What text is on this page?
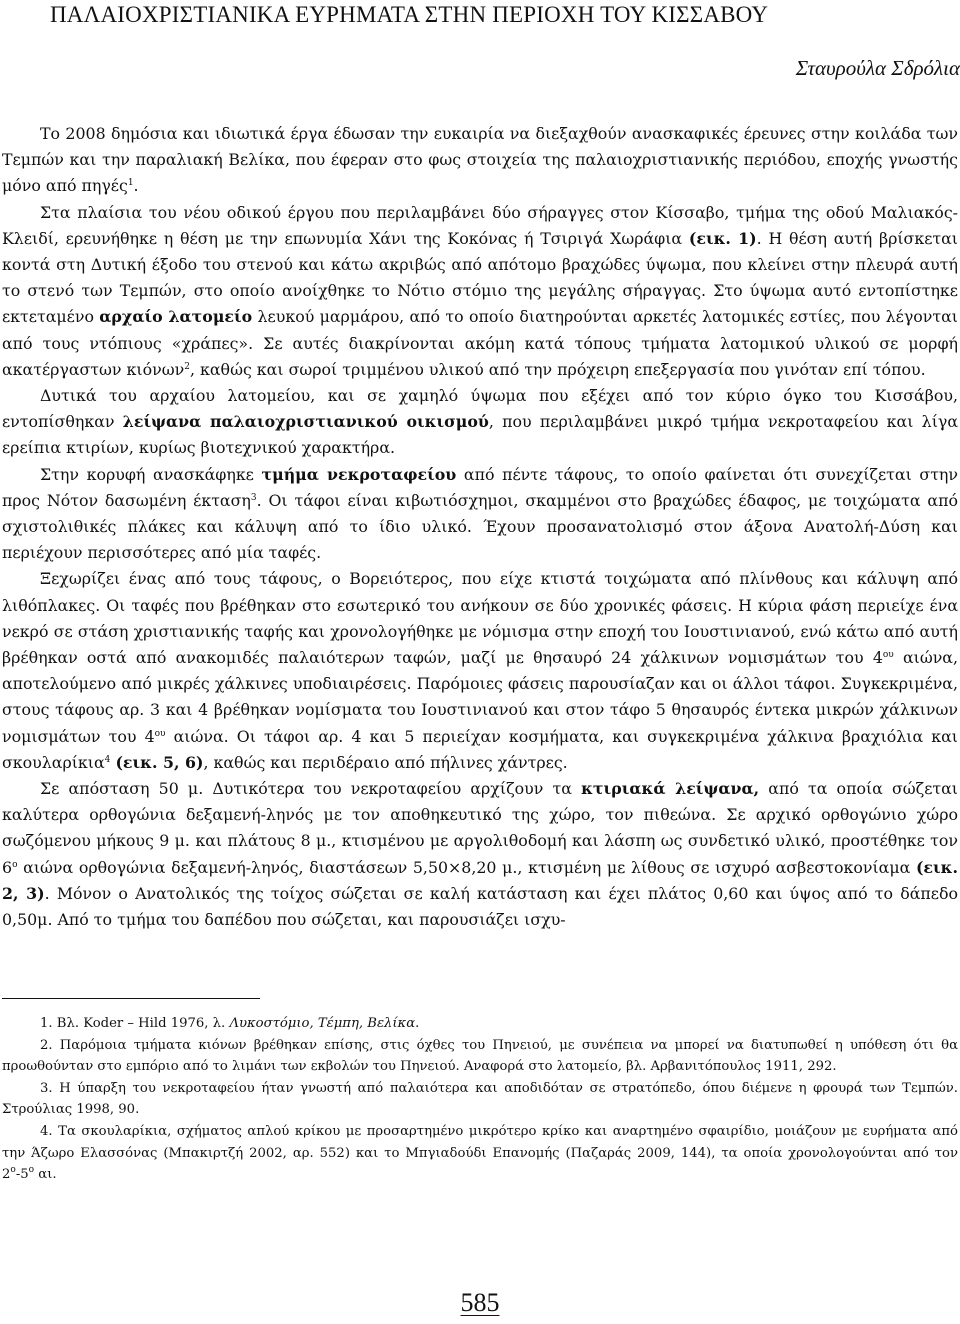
ΠΑΛΑΙΟΧΡΙΣΤΙΑΝΙΚΑ ΕΥΡΗΜΑΤΑ ΣΤΗΝ ΠΕΡΙΟΧΗ ΤΟΥ ΚΙΣΣΑΒΟΥ
Σταυρούλα Σδρόλια

Το 2008 δημόσια και ιδιωτικά έργα έδωσαν την ευκαιρία να διεξαχθούν ανασκαφικές έρευνες στην κοιλάδα των Τεμπών και την παραλιακή Βελίκα, που έφεραν στο φως στοιχεία της παλαιοχριστιανικής περιόδου, εποχής γνωστής μόνο από πηγές$^1$.

Στα πλαίσια του νέου οδικού έργου που περιλαμβάνει δύο σήραγγες στον Κίσσαβο, τμήμα της οδού Μαλιακός-Κλειδί, ερευνήθηκε η θέση με την επωνυμία Χάνι της Κοκόνας ή Τσιριγά Χωράφια (εικ. 1). Η θέση αυτή βρίσκεται κοντά στη Δυτική έξοδο του στενού και κάτω ακριβώς από απότομο βραχώδες ύψωμα, που κλείνει στην πλευρά αυτή το στενό των Τεμπών, στο οποίο ανοίχθηκε το Νότιο στόμιο της μεγάλης σήραγγας. Στο ύψωμα αυτό εντοπίστηκε εκτεταμένο αρχαίο λατομείο λευκού μαρμάρου, από το οποίο διατηρούνται αρκετές λατομικές εστίες, που λέγονται από τους ντόπιους «χράπες». Σε αυτές διακρίνονται ακόμη κατά τόπους τμήματα λατομικού υλικού σε μορφή ακατέργαστων κιόνων$^2$, καθώς και σωροί τριμμένου υλικού από την πρόχειρη επεξεργασία που γινόταν επί τόπου.

Δυτικά του αρχαίου λατομείου, και σε χαμηλό ύψωμα που εξέχει από τον κύριο όγκο του Κισσάβου, εντοπίσθηκαν λείψανα παλαιοχριστιανικού οικισμού, που περιλαμβάνει μικρό τμήμα νεκροταφείου και λίγα ερείπια κτιρίων, κυρίως βιοτεχνικού χαρακτήρα.

Στην κορυφή ανασκάφηκε τμήμα νεκροταφείου από πέντε τάφους, το οποίο φαίνεται ότι συνεχίζεται στην προς Νότον δασωμένη έκταση$^3$. Οι τάφοι είναι κιβωτιόσχημοι, σκαμμένοι στο βραχώδες έδαφος, με τοιχώματα από σχιστολιθικές πλάκες και κάλυψη από το ίδιο υλικό. Έχουν προσανατολισμό στον άξονα Ανατολή-Δύση και περιέχουν περισσότερες από μία ταφές.

Ξεχωρίζει ένας από τους τάφους, ο Βορειότερος, που είχε κτιστά τοιχώματα από πλίνθους και κάλυψη από λιθόπλακες. Οι ταφές που βρέθηκαν στο εσωτερικό του ανήκουν σε δύο χρονικές φάσεις. Η κύρια φάση περιείχε ένα νεκρό σε στάση χριστιανικής ταφής και χρονολογήθηκε με νόμισμα στην εποχή του Ιουστινιανού, ενώ κάτω από αυτή βρέθηκαν οστά από ανακομιδές παλαιότερων ταφών, μαζί με θησαυρό 24 χάλκινων νομισμάτων του $4^{o\upsilon}$ αιώνα, αποτελούμενο από μικρές χάλκινες υποδιαιρέσεις. Παρόμοιες φάσεις παρουσίαζαν και οι άλλοι τάφοι. Συγκεκριμένα, στους τάφους αρ. 3 και 4 βρέθηκαν νομίσματα του Ιουστινιανού και στον τάφο 5 θησαυρός έντεκα μικρών χάλκινων νομισμάτων του $4^{o\upsilon}$ αιώνα. Οι τάφοι αρ. 4 και 5 περιείχαν κοσμήματα, και συγκεκριμένα χάλκινα βραχιόλια και σκουλαρίκια$^4$ (εικ. 5, 6), καθώς και περιδέραιο από πήλινες χάντρες.

Σε απόσταση 50 μ. Δυτικότερα του νεκροταφείου αρχίζουν τα κτιριακά λείψανα, από τα οποία σώζεται καλύτερα ορθογώνια δεξαμενή-ληνός με τον αποθηκευτικό της χώρο, τον πιθεώνα. Σε αρχικό ορθογώνιο χώρο σωζόμενου μήκους 9 μ. και πλάτους 8 μ., κτισμένου με αργολιθοδομή και λάσπη ως συνδετικό υλικό, προστέθηκε τον $6^o$ αιώνα ορθογώνια δεξαμενή-ληνός, διαστάσεων 5,50×8,20 μ., κτισμένη με λίθους σε ισχυρό ασβεστοκονίαμα (εικ. 2, 3). Μόνον ο Ανατολικός της τοίχος σώζεται σε καλή κατάσταση και έχει πλάτος 0,60 και ύψος από το δάπεδο 0,50μ. Από το τμήμα του δαπέδου που σώζεται, και παρουσιάζει ισχυ-

1. Βλ. Koder – Hild 1976, λ. Λυκοστόμιο, Τέμπη, Βελίκα.

2. Παρόμοια τμήματα κιόνων βρέθηκαν επίσης, στις όχθες του Πηνειού, με συνέπεια να μπορεί να διατυπωθεί η υπόθεση ότι θα προωθούνταν στο εμπόριο από το λιμάνι των εκβολών του Πηνειού. Αναφορά στο λατομείο, βλ. Αρβανιτόπουλος 1911, 292.

3. Η ύπαρξη του νεκροταφείου ήταν γνωστή από παλαιότερα και αποδιδόταν σε στρατόπεδο, όπου διέμενε η φρουρά των Τεμπών. Στρούλιας 1998, 90.

4. Τα σκουλαρίκια, σχήματος απλού κρίκου με προσαρτημένο μικρότερο κρίκο και αναρτημένο σφαιρίδιο, μοιάζουν με ευρήματα από την Άζωρο Ελασσόνας (Μπακιρτζή 2002, αρ. 552) και το Μπγιαδούδι Επανομής (Παζαράς 2009, 144), τα οποία χρονολογούνται από τον $2^o-5^o$ αι.

585
